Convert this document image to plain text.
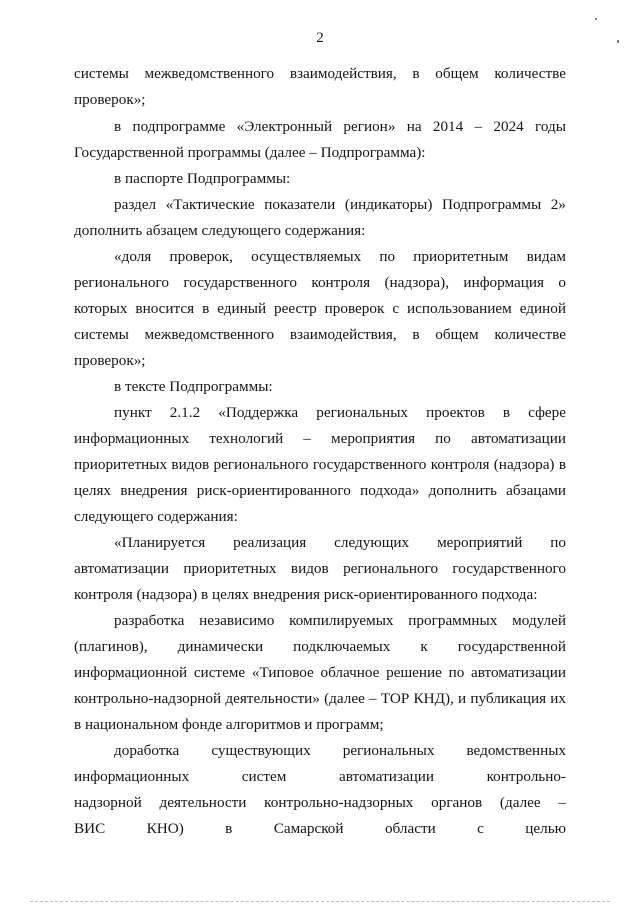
2
системы межведомственного взаимодействия, в общем количестве
проверок»;
в подпрограмме «Электронный регион» на 2014 – 2024 годы
Государственной программы (далее – Подпрограмма):
в паспорте Подпрограммы:
раздел «Тактические показатели (индикаторы) Подпрограммы 2»
дополнить абзацем следующего содержания:
«доля проверок, осуществляемых по приоритетным видам
регионального государственного контроля (надзора), информация о
которых вносится в единый реестр проверок с использованием единой
системы межведомственного взаимодействия, в общем количестве
проверок»;
в тексте Подпрограммы:
пункт 2.1.2 «Поддержка региональных проектов в сфере
информационных технологий – мероприятия по автоматизации
приоритетных видов регионального государственного контроля (надзора) в
целях внедрения риск-ориентированного подхода» дополнить абзацами
следующего содержания:
«Планируется реализация следующих мероприятий по
автоматизации приоритетных видов регионального государственного
контроля (надзора) в целях внедрения риск-ориентированного подхода:
разработка независимо компилируемых программных модулей
(плагинов), динамически подключаемых к государственной
информационной системе «Типовое облачное решение по автоматизации
контрольно-надзорной деятельности» (далее – ТОР КНД), и публикация их
в национальном фонде алгоритмов и программ;
доработка существующих региональных ведомственных
информационных систем автоматизации контрольно-
надзорной деятельности контрольно-надзорных органов (далее –
ВИС КНО) в Самарской области с целью
